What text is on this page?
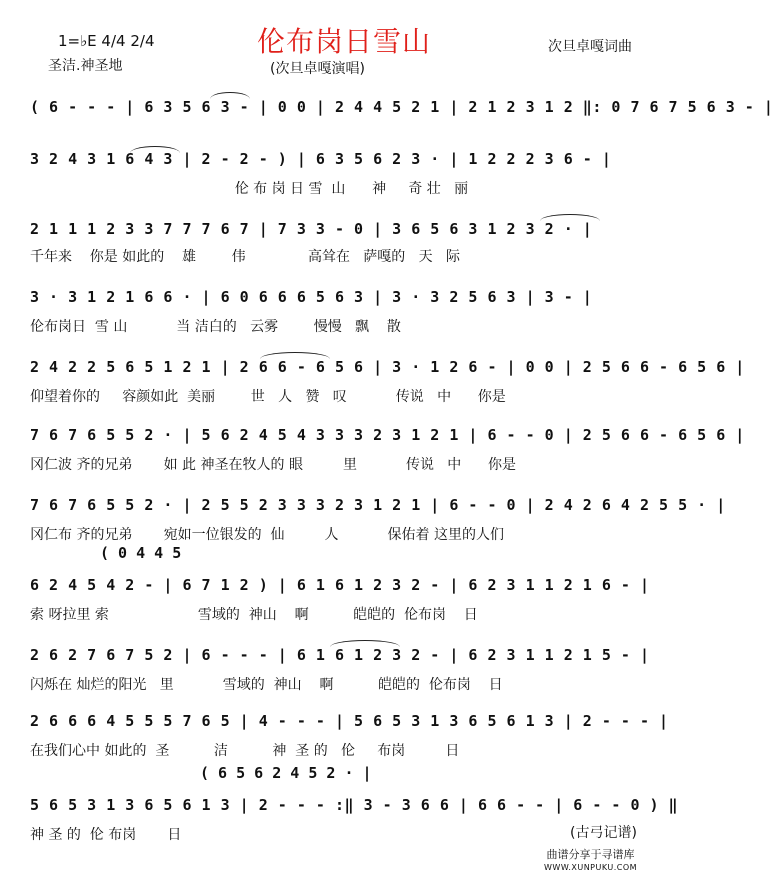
伦布岗日雪山
1=♭E 4/4 2/4
圣洁.神圣地
次旦卓嘎词曲
(次旦卓嘎演唱)
( 6 - - - | 6 3 5 6 3 - | 0 0 | 2 4 4 5 2 1 | 2 1 2 3 1 2 ‖: 0 7 6 7 5 6 3 - |
3 2 4 3 1 6 4 3 | 2 - 2 - ) | 6 3 5 6 2 3 · | 1 2 2 2 3 6 - |
伦 布 岗 日 雪  山      神     奇 壮   丽
2 1 1 1 2 3 3 7 7 7 6 7 | 7 3 3 - 0 | 3 6 5 6 3 1 2 3 2 · |
千年来    你是 如此的    雄        伟              高耸在   萨嘎的   天   际
3 · 3 1 2 1 6 6 · | 6 0 6 6 6 5 6 3 | 3 · 3 2 5 6 3 | 3 - |
伦布岗日  雪 山           当 洁白的   云雾        慢慢   飘    散
2 4 2 2 5 6 5 1 2 1 | 2 6 6 - 6 5 6 | 3 · 1 2 6 - | 0 0 | 2 5 6 6 - 6 5 6 |
仰望着你的     容颜如此  美丽        世   人   赞   叹           传说   中      你是
7 6 7 6 5 5 2 · | 5 6 2 4 5 4 3 3 3 2 3 1 2 1 | 6 - - 0 | 2 5 6 6 - 6 5 6 |
冈仁波 齐的兄弟       如 此 神圣在牧人的 眼         里           传说   中      你是
7 6 7 6 5 5 2 · | 2 5 5 2 3 3 3 2 3 1 2 1 | 6 - - 0 | 2 4 2 6 4 2 5 5 · |
冈仁布 齐的兄弟       宛如一位银发的  仙         人           保佑着 这里的人们
( 0 4 4 5
6 2 4 5 4 2 - | 6 7 1 2 ) | 6 1 6 1 2 3 2 - | 6 2 3 1 1 2 1 6 - |
索 呀拉里 索                    雪域的  神山    啊          皑皑的  伦布岗    日
2 6 2 7 6 7 5 2 | 6 - - - | 6 1 6 1 2 3 2 - | 6 2 3 1 1 2 1 5 - |
闪烁在 灿烂的阳光   里           雪域的  神山    啊          皑皑的  伦布岗    日
2 6 6 6 4 5 5 5 7 6 5 | 4 - - - | 5 6 5 3 1 3 6 5 6 1 3 | 2 - - - |
在我们心中 如此的  圣          洁          神  圣 的   伦     布岗         日
( 6 5 6 2 4 5 2 · |
5 6 5 3 1 3 6 5 6 1 3 | 2 - - - :‖ 3 - 3 6 6 | 6 6 - - | 6 - - 0 ) ‖
神 圣 的  伦 布岗       日	(古弓记谱)
曲谱分享于寻谱库
WWW.XUNPUKU.COM
